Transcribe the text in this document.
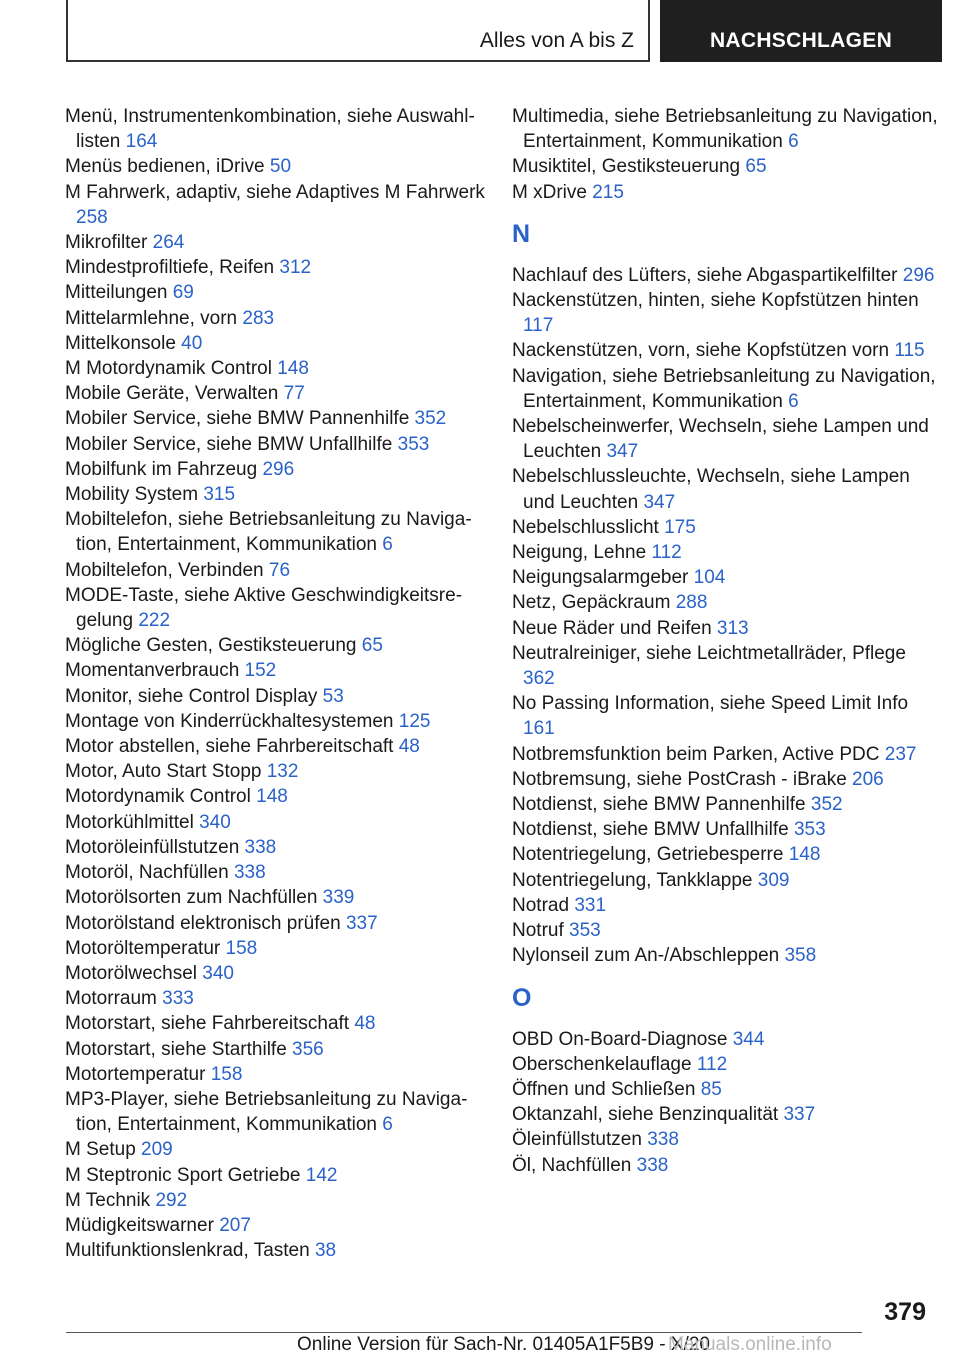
Alles von A bis Z	NACHSCHLAGEN
Menü, Instrumentenkombination, siehe Auswahllisten 164
Menüs bedienen, iDrive 50
M Fahrwerk, adaptiv, siehe Adaptives M Fahrwerk 258
Mikrofilter 264
Mindestprofiltiefe, Reifen 312
Mitteilungen 69
Mittelarmlehne, vorn 283
Mittelkonsole 40
M Motordynamik Control 148
Mobile Geräte, Verwalten 77
Mobiler Service, siehe BMW Pannenhilfe 352
Mobiler Service, siehe BMW Unfallhilfe 353
Mobilfunk im Fahrzeug 296
Mobility System 315
Mobiltelefon, siehe Betriebsanleitung zu Navigation, Entertainment, Kommunikation 6
Mobiltelefon, Verbinden 76
MODE-Taste, siehe Aktive Geschwindigkeitsregelung 222
Mögliche Gesten, Gestiksteuerung 65
Momentanverbrauch 152
Monitor, siehe Control Display 53
Montage von Kinderrückhaltesystemen 125
Motor abstellen, siehe Fahrbereitschaft 48
Motor, Auto Start Stopp 132
Motordynamik Control 148
Motorkühlmittel 340
Motoröleinfüllstutzen 338
Motoröl, Nachfüllen 338
Motorölsorten zum Nachfüllen 339
Motorölstand elektronisch prüfen 337
Motoröltemperatur 158
Motorölwechsel 340
Motorraum 333
Motorstart, siehe Fahrbereitschaft 48
Motorstart, siehe Starthilfe 356
Motortemperatur 158
MP3-Player, siehe Betriebsanleitung zu Navigation, Entertainment, Kommunikation 6
M Setup 209
M Steptronic Sport Getriebe 142
M Technik 292
Müdigkeitswarner 207
Multifunktionslenkrad, Tasten 38
Multimedia, siehe Betriebsanleitung zu Navigation, Entertainment, Kommunikation 6
Musiktitel, Gestiksteuerung 65
M xDrive 215
N
Nachlauf des Lüfters, siehe Abgaspartikelfilter 296
Nackenstützen, hinten, siehe Kopfstützen hinten 117
Nackenstützen, vorn, siehe Kopfstützen vorn 115
Navigation, siehe Betriebsanleitung zu Navigation, Entertainment, Kommunikation 6
Nebelscheinwerfer, Wechseln, siehe Lampen und Leuchten 347
Nebelschlussleuchte, Wechseln, siehe Lampen und Leuchten 347
Nebelschlusslicht 175
Neigung, Lehne 112
Neigungsalarmgeber 104
Netz, Gepäckraum 288
Neue Räder und Reifen 313
Neutralreiniger, siehe Leichtmetallräder, Pflege 362
No Passing Information, siehe Speed Limit Info 161
Notbremsfunktion beim Parken, Active PDC 237
Notbremsung, siehe PostCrash - iBrake 206
Notdienst, siehe BMW Pannenhilfe 352
Notdienst, siehe BMW Unfallhilfe 353
Notentriegelung, Getriebesperre 148
Notentriegelung, Tankklappe 309
Notrad 331
Notruf 353
Nylonseil zum An-/Abschleppen 358
O
OBD On-Board-Diagnose 344
Oberschenkelauflage 112
Öffnen und Schließen 85
Oktanzahl, siehe Benzinqualität 337
Öleinfüllstutzen 338
Öl, Nachfüllen 338
379
Online Version für Sach-Nr. 01405A1F5B9 - X/20
Manuals.online.info
